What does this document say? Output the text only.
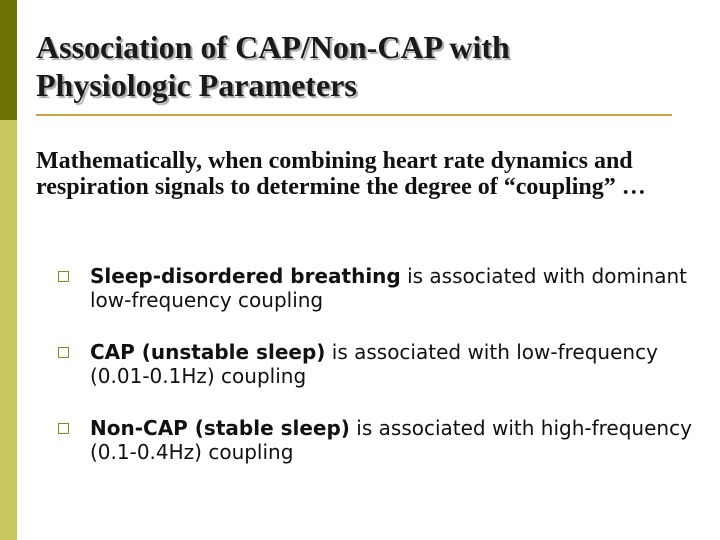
Association of CAP/Non-CAP with
Physiologic Parameters

Mathematically, when combining heart rate dynamics and respiration signals to determine the degree of “coupling” …

Sleep-disordered breathing is associated with dominant low-frequency coupling
CAP (unstable sleep) is associated with low-frequency (0.01-0.1Hz) coupling
Non-CAP (stable sleep) is associated with high-frequency (0.1-0.4Hz) coupling
